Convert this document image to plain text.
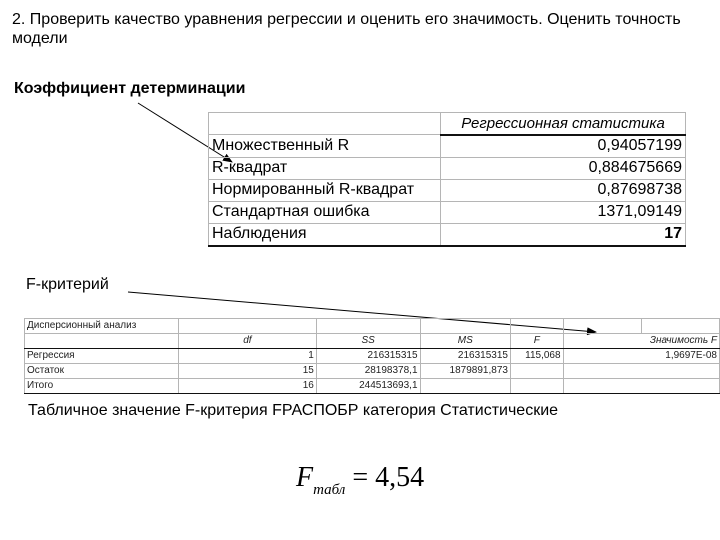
2. Проверить качество уравнения регрессии и оценить его значимость. Оценить точность модели
Коэффициент детерминации
	Регрессионная статистика
Множественный R	0,94057199
R-квадрат	0,884675669
Нормированный R-квадрат	0,87698738
Стандартная ошибка	1371,09149
Наблюдения	17
F-критерий
Дисперсионный анализ						
	df	SS	MS	F	Значимость F	
Регрессия	1	216315315	216315315	115,068	1,9697E-08	
Остаток	15	28198378,1	1879891,873			
Итого	16	244513693,1				
Табличное значение F-критерия FРАСПОБР категория Статистические
$F_{табл} = 4,54$
